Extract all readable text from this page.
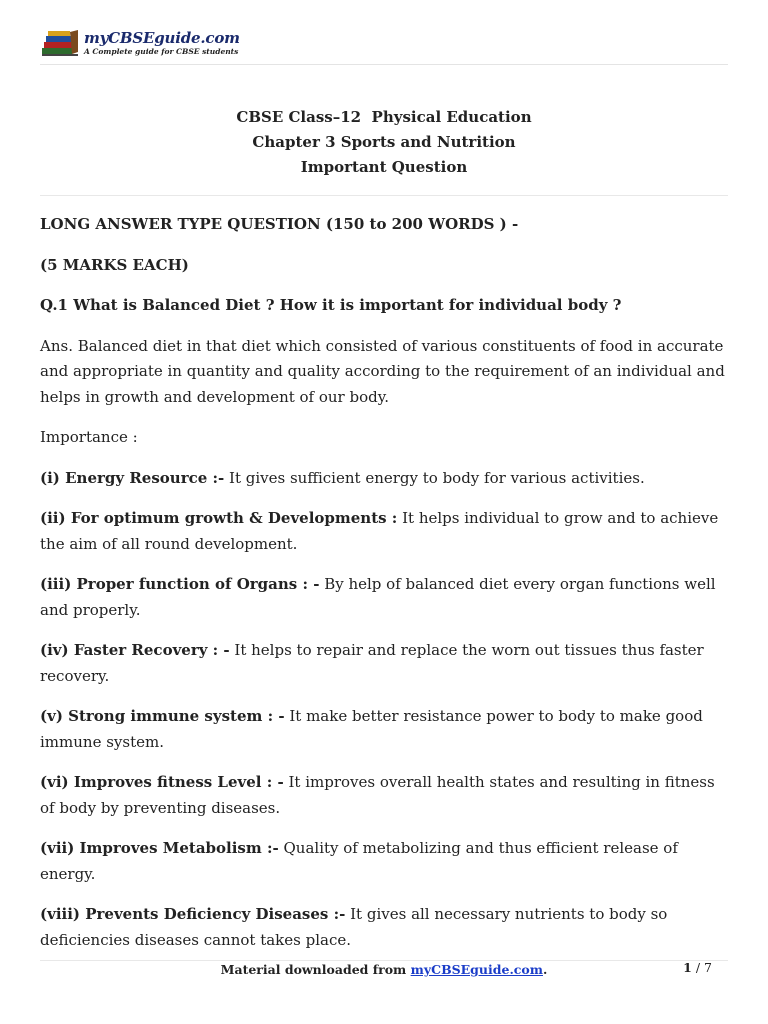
myCBSEguide.com
A Complete guide for CBSE students
CBSE Class–12  Physical Education
Chapter 3 Sports and Nutrition
Important Question

LONG ANSWER TYPE QUESTION (150 to 200 WORDS ) -

(5 MARKS EACH)

Q.1 What is Balanced Diet ? How it is important for individual body ?

Ans. Balanced diet in that diet which consisted of various constituents of food in accurate and appropriate in quantity and quality according to the requirement of an individual and helps in growth and development of our body.

Importance :

(i) Energy Resource :- It gives sufficient energy to body for various activities.

(ii) For optimum growth & Developments : It helps individual to grow and to achieve the aim of all round development.

(iii) Proper function of Organs : - By help of balanced diet every organ functions well and properly.

(iv) Faster Recovery : - It helps to repair and replace the worn out tissues thus faster recovery.

(v) Strong immune system : - It make better resistance power to body to make good immune system.

(vi) Improves fitness Level : - It improves overall health states and resulting in fitness of body by preventing diseases.

(vii) Improves Metabolism :- Quality of metabolizing and thus efficient release of energy.

(viii) Prevents Deficiency Diseases :- It gives all necessary nutrients to body so deficiencies diseases cannot takes place.

Material downloaded from myCBSEguide.com.	1 / 7
